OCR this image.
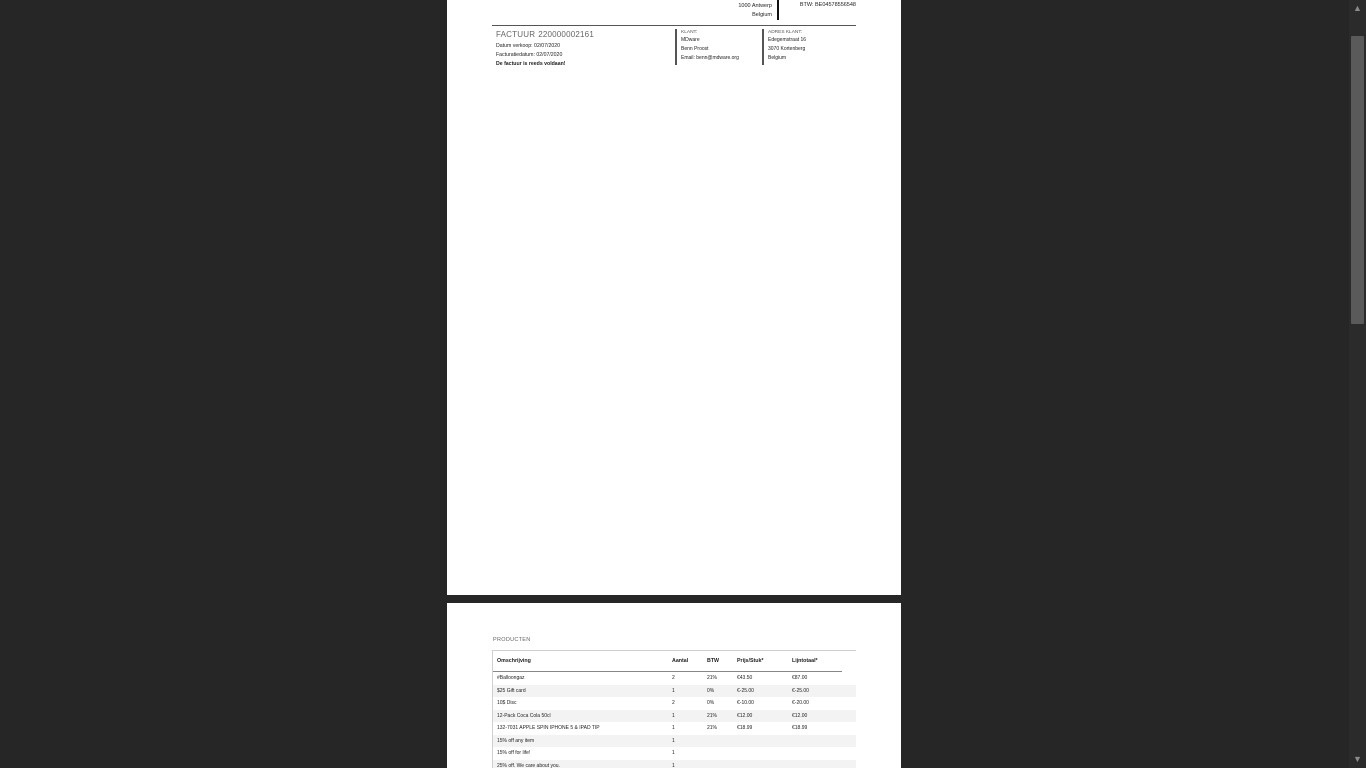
1000 Antwerp
Belgium
BTW: BE04578556548
FACTUUR 220000002161
Datum verkoop: 02/07/2020
Facturatiedatum: 02/07/2020
De factuur is reeds voldaan!
KLANT:
MDware
Benn Proost
Email: benn@mdware.org
ADRES KLANT:
Edegemstraat 16
3070 Kortenberg
Belgium
PRODUCTEN
Omschrijving	Aantal	BTW	Prijs/Stuk*	Lijntotaal*
#Balloongaz	2	21%	€43.50	€87.00
$25 Gift card	1	0%	€-25.00	€-25.00
10$ Disc	2	0%	€-10.00	€-20.00
12-Pack Coca Cola 50cl	1	21%	€12.00	€12.00
132-7031 APPLE SPIN IPHONE 5 & IPAD TIP	1	21%	€18.99	€18.99
15% off any item	1
15% off for life!	1
25% off. We care about you.	1
▲
▼
